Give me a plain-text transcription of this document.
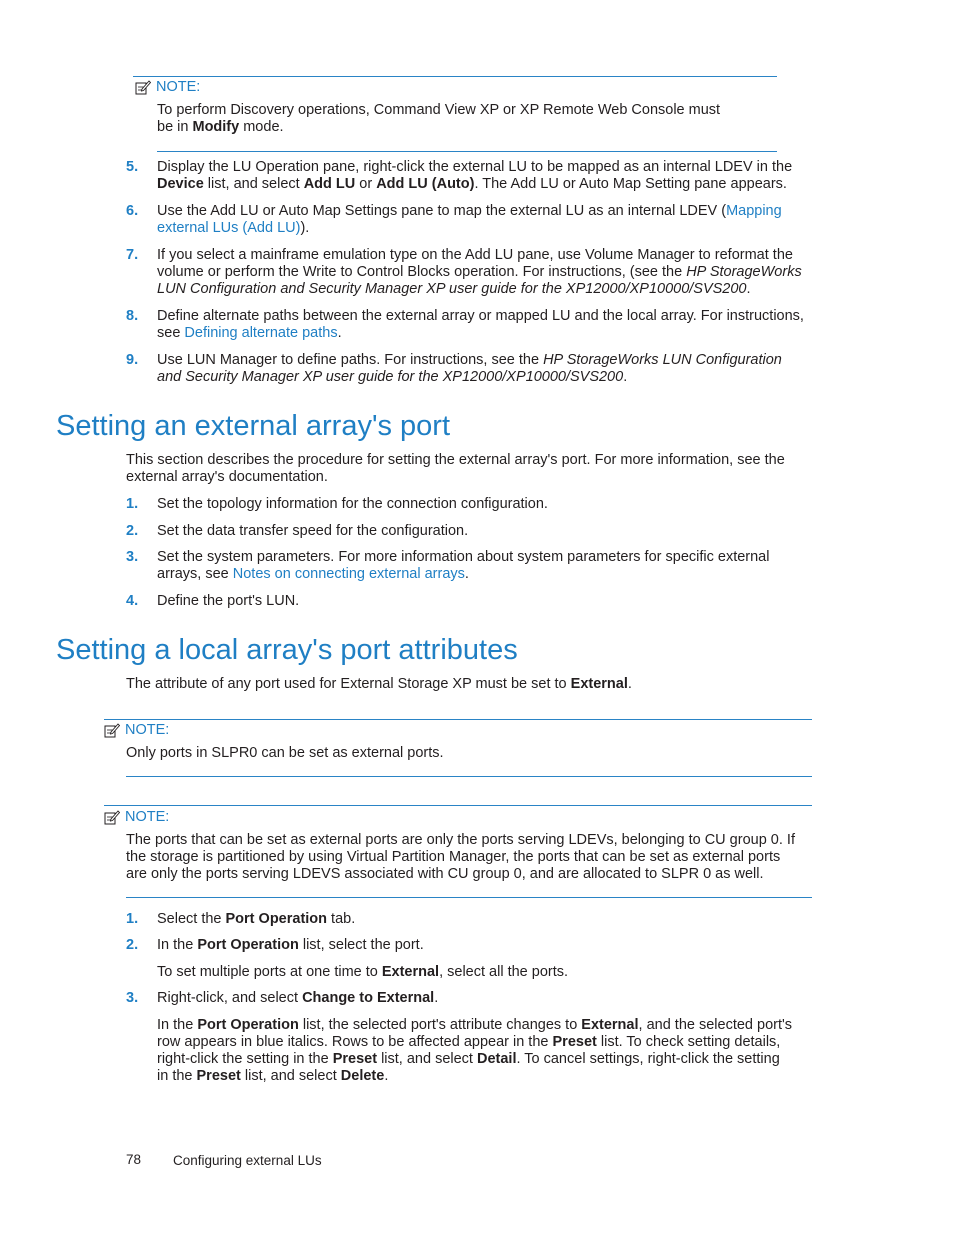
NOTE:
To perform Discovery operations, Command View XP or XP Remote Web Console must
be in Modify mode.
5. Display the LU Operation pane, right-click the external LU to be mapped as an internal LDEV in the
Device list, and select Add LU or Add LU (Auto). The Add LU or Auto Map Setting pane appears.
6. Use the Add LU or Auto Map Settings pane to map the external LU as an internal LDEV (Mapping
external LUs (Add LU)).
7. If you select a mainframe emulation type on the Add LU pane, use Volume Manager to reformat the
volume or perform the Write to Control Blocks operation. For instructions, (see the HP StorageWorks
LUN Configuration and Security Manager XP user guide for the XP12000/XP10000/SVS200.
8. Define alternate paths between the external array or mapped LU and the local array. For instructions,
see Defining alternate paths.
9. Use LUN Manager to define paths. For instructions, see the HP StorageWorks LUN Configuration
and Security Manager XP user guide for the XP12000/XP10000/SVS200.
Setting an external array's port
This section describes the procedure for setting the external array's port. For more information, see the
external array's documentation.
1. Set the topology information for the connection configuration.
2. Set the data transfer speed for the configuration.
3. Set the system parameters. For more information about system parameters for specific external
arrays, see Notes on connecting external arrays.
4. Define the port's LUN.
Setting a local array's port attributes
The attribute of any port used for External Storage XP must be set to External.
NOTE:
Only ports in SLPR0 can be set as external ports.
NOTE:
The ports that can be set as external ports are only the ports serving LDEVs, belonging to CU group 0. If
the storage is partitioned by using Virtual Partition Manager, the ports that can be set as external ports
are only the ports serving LDEVS associated with CU group 0, and are allocated to SLPR 0 as well.
1. Select the Port Operation tab.
2. In the Port Operation list, select the port.
To set multiple ports at one time to External, select all the ports.
3. Right-click, and select Change to External.
In the Port Operation list, the selected port's attribute changes to External, and the selected port's
row appears in blue italics. Rows to be affected appear in the Preset list. To check setting details,
right-click the setting in the Preset list, and select Detail. To cancel settings, right-click the setting
in the Preset list, and select Delete.
78 Configuring external LUs
